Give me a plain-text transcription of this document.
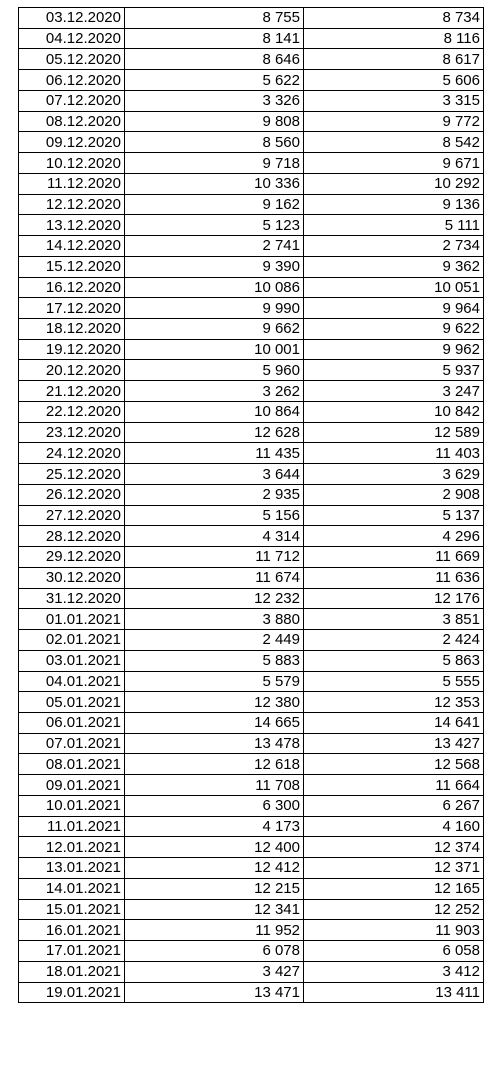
03.12.2020	8 755	8 734
04.12.2020	8 141	8 116
05.12.2020	8 646	8 617
06.12.2020	5 622	5 606
07.12.2020	3 326	3 315
08.12.2020	9 808	9 772
09.12.2020	8 560	8 542
10.12.2020	9 718	9 671
11.12.2020	10 336	10 292
12.12.2020	9 162	9 136
13.12.2020	5 123	5 111
14.12.2020	2 741	2 734
15.12.2020	9 390	9 362
16.12.2020	10 086	10 051
17.12.2020	9 990	9 964
18.12.2020	9 662	9 622
19.12.2020	10 001	9 962
20.12.2020	5 960	5 937
21.12.2020	3 262	3 247
22.12.2020	10 864	10 842
23.12.2020	12 628	12 589
24.12.2020	11 435	11 403
25.12.2020	3 644	3 629
26.12.2020	2 935	2 908
27.12.2020	5 156	5 137
28.12.2020	4 314	4 296
29.12.2020	11 712	11 669
30.12.2020	11 674	11 636
31.12.2020	12 232	12 176
01.01.2021	3 880	3 851
02.01.2021	2 449	2 424
03.01.2021	5 883	5 863
04.01.2021	5 579	5 555
05.01.2021	12 380	12 353
06.01.2021	14 665	14 641
07.01.2021	13 478	13 427
08.01.2021	12 618	12 568
09.01.2021	11 708	11 664
10.01.2021	6 300	6 267
11.01.2021	4 173	4 160
12.01.2021	12 400	12 374
13.01.2021	12 412	12 371
14.01.2021	12 215	12 165
15.01.2021	12 341	12 252
16.01.2021	11 952	11 903
17.01.2021	6 078	6 058
18.01.2021	3 427	3 412
19.01.2021	13 471	13 411
